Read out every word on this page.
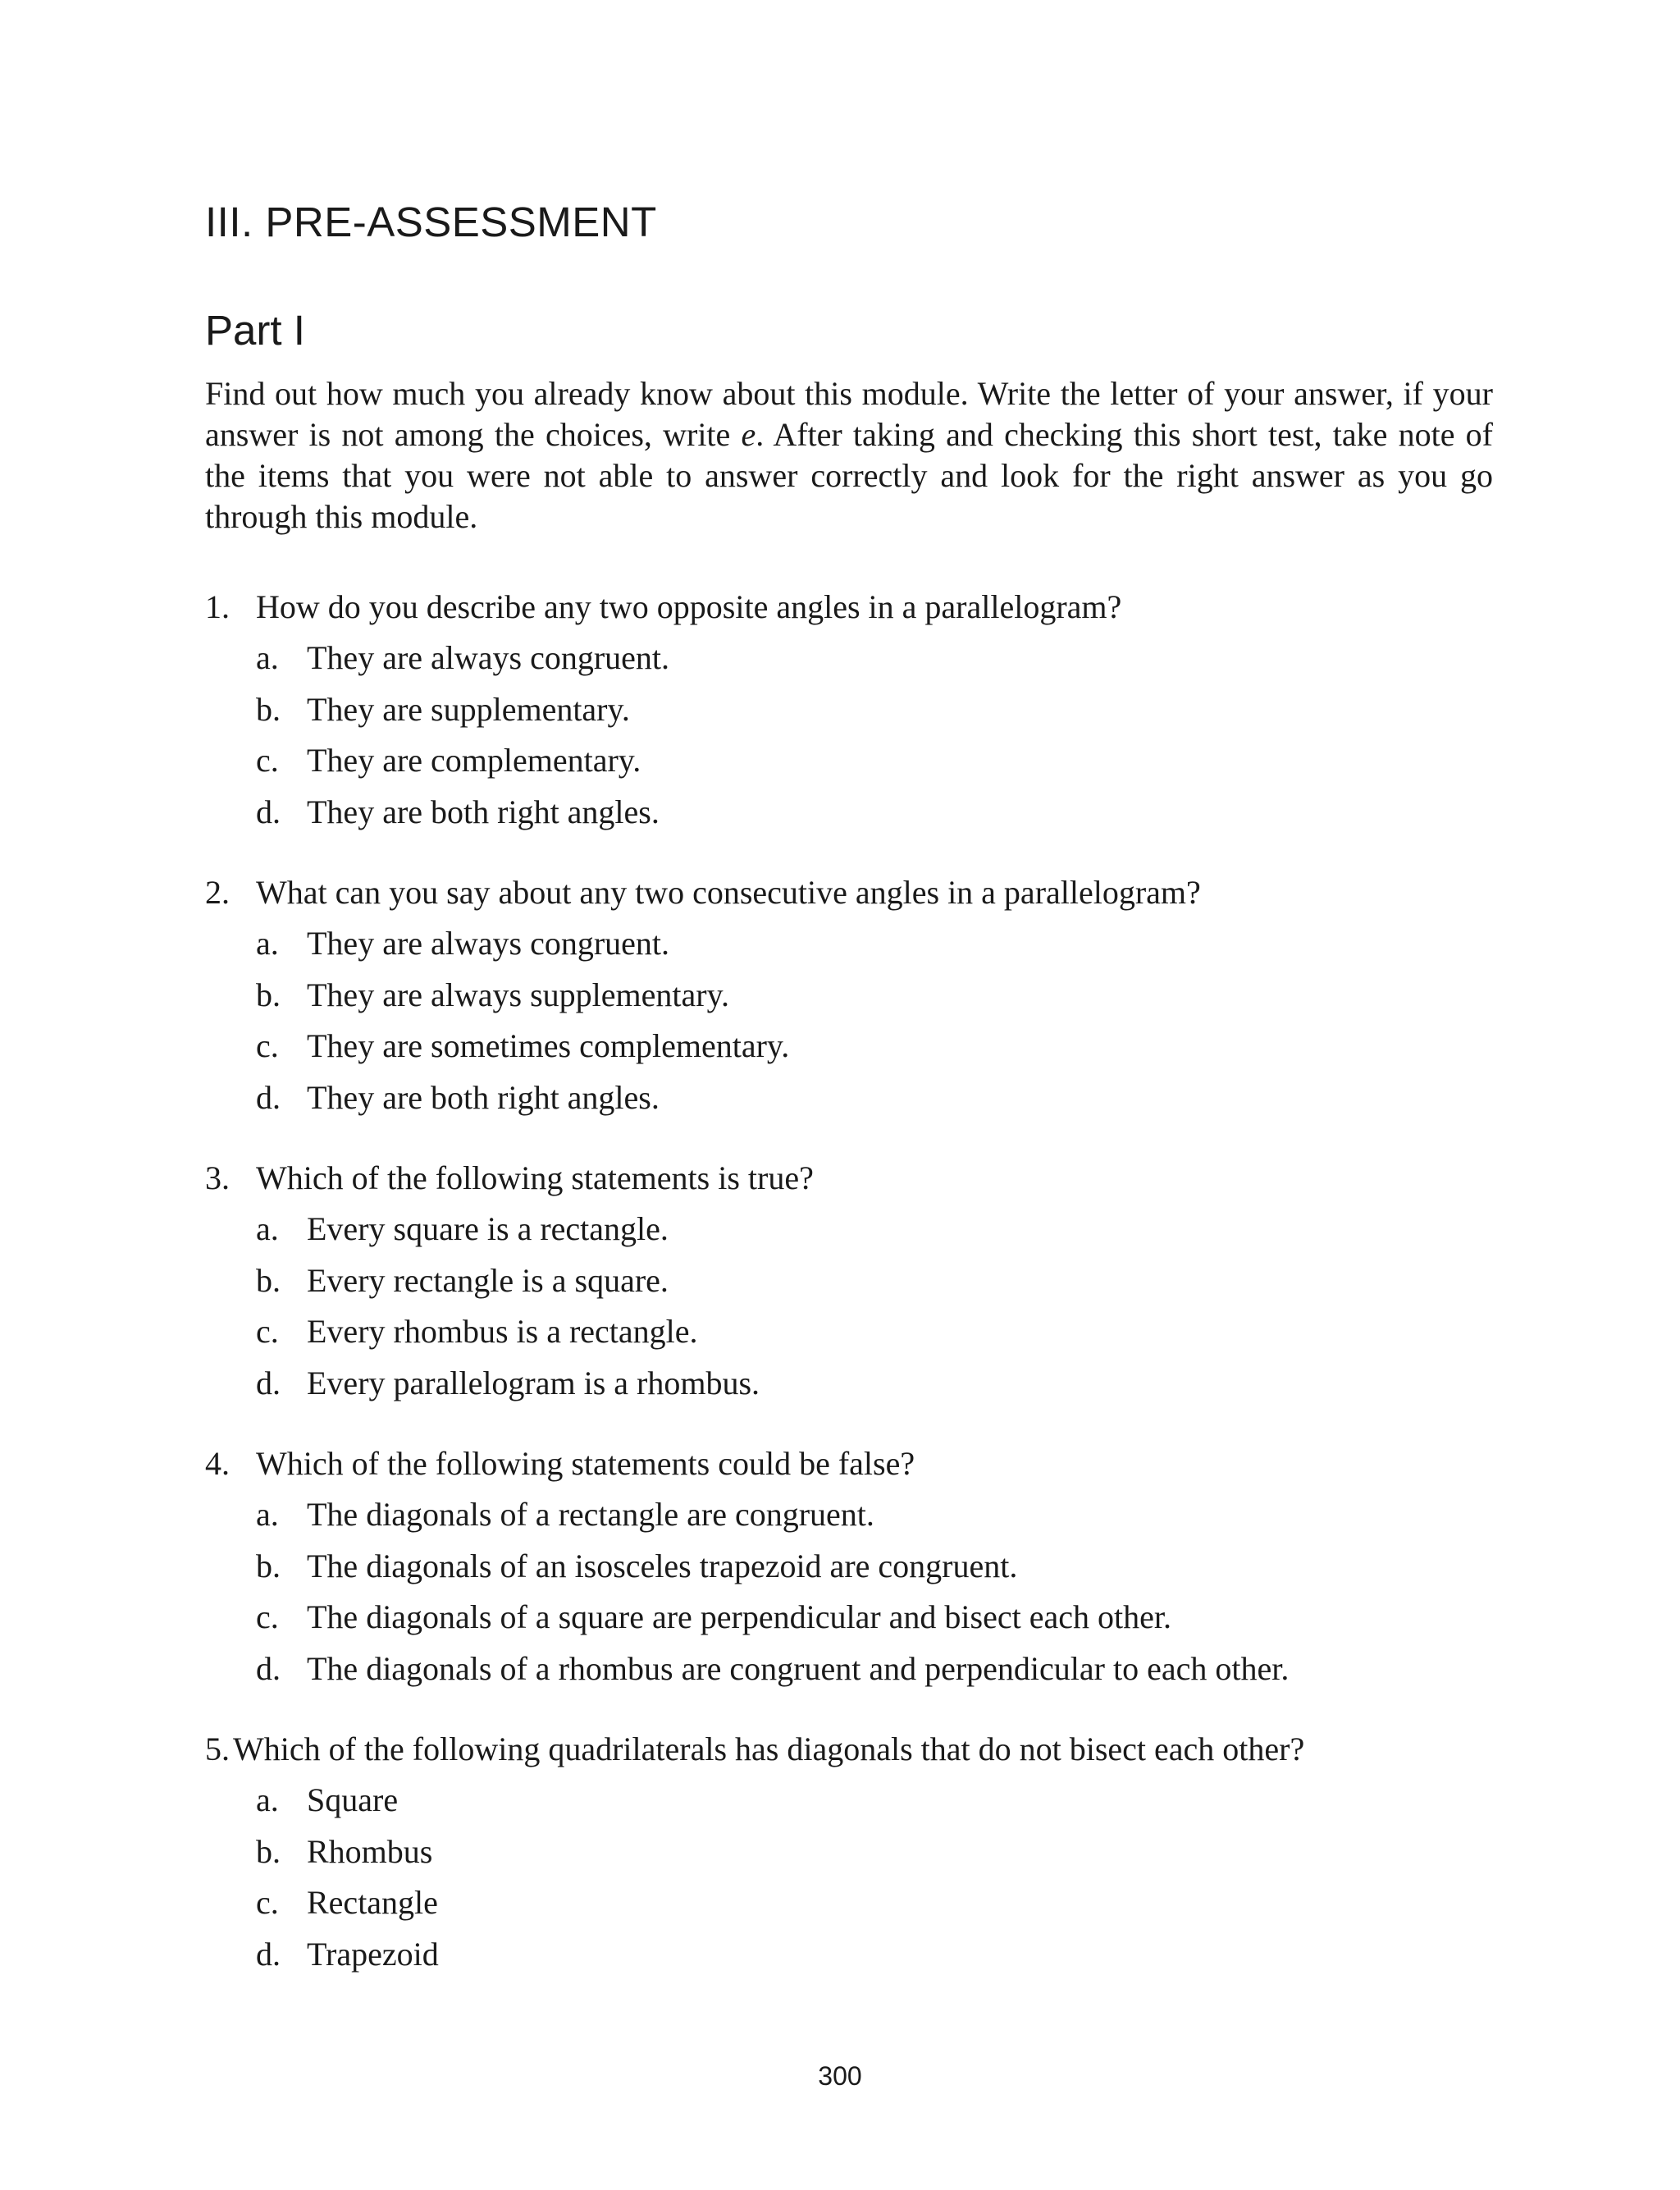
III. PRE-ASSESSMENT
Part I

Find out how much you already know about this module. Write the letter of your answer, if your answer is not among the choices, write e. After taking and checking this short test, take note of the items that you were not able to answer correctly and look for the right answer as you go through this module.

1. How do you describe any two opposite angles in a parallelogram?
a. They are always congruent.
b. They are supplementary.
c. They are complementary.
d. They are both right angles.
2. What can you say about any two consecutive angles in a parallelogram?
a. They are always congruent.
b. They are always supplementary.
c. They are sometimes complementary.
d. They are both right angles.
3. Which of the following statements is true?
a. Every square is a rectangle.
b. Every rectangle is a square.
c. Every rhombus is a rectangle.
d. Every parallelogram is a rhombus.
4. Which of the following statements could be false?
a. The diagonals of a rectangle are congruent.
b. The diagonals of an isosceles trapezoid are congruent.
c. The diagonals of a square are perpendicular and bisect each other.
d. The diagonals of a rhombus are congruent and perpendicular to each other.
5. Which of the following quadrilaterals has diagonals that do not bisect each other?
a. Square
b. Rhombus
c. Rectangle
d. Trapezoid
300
